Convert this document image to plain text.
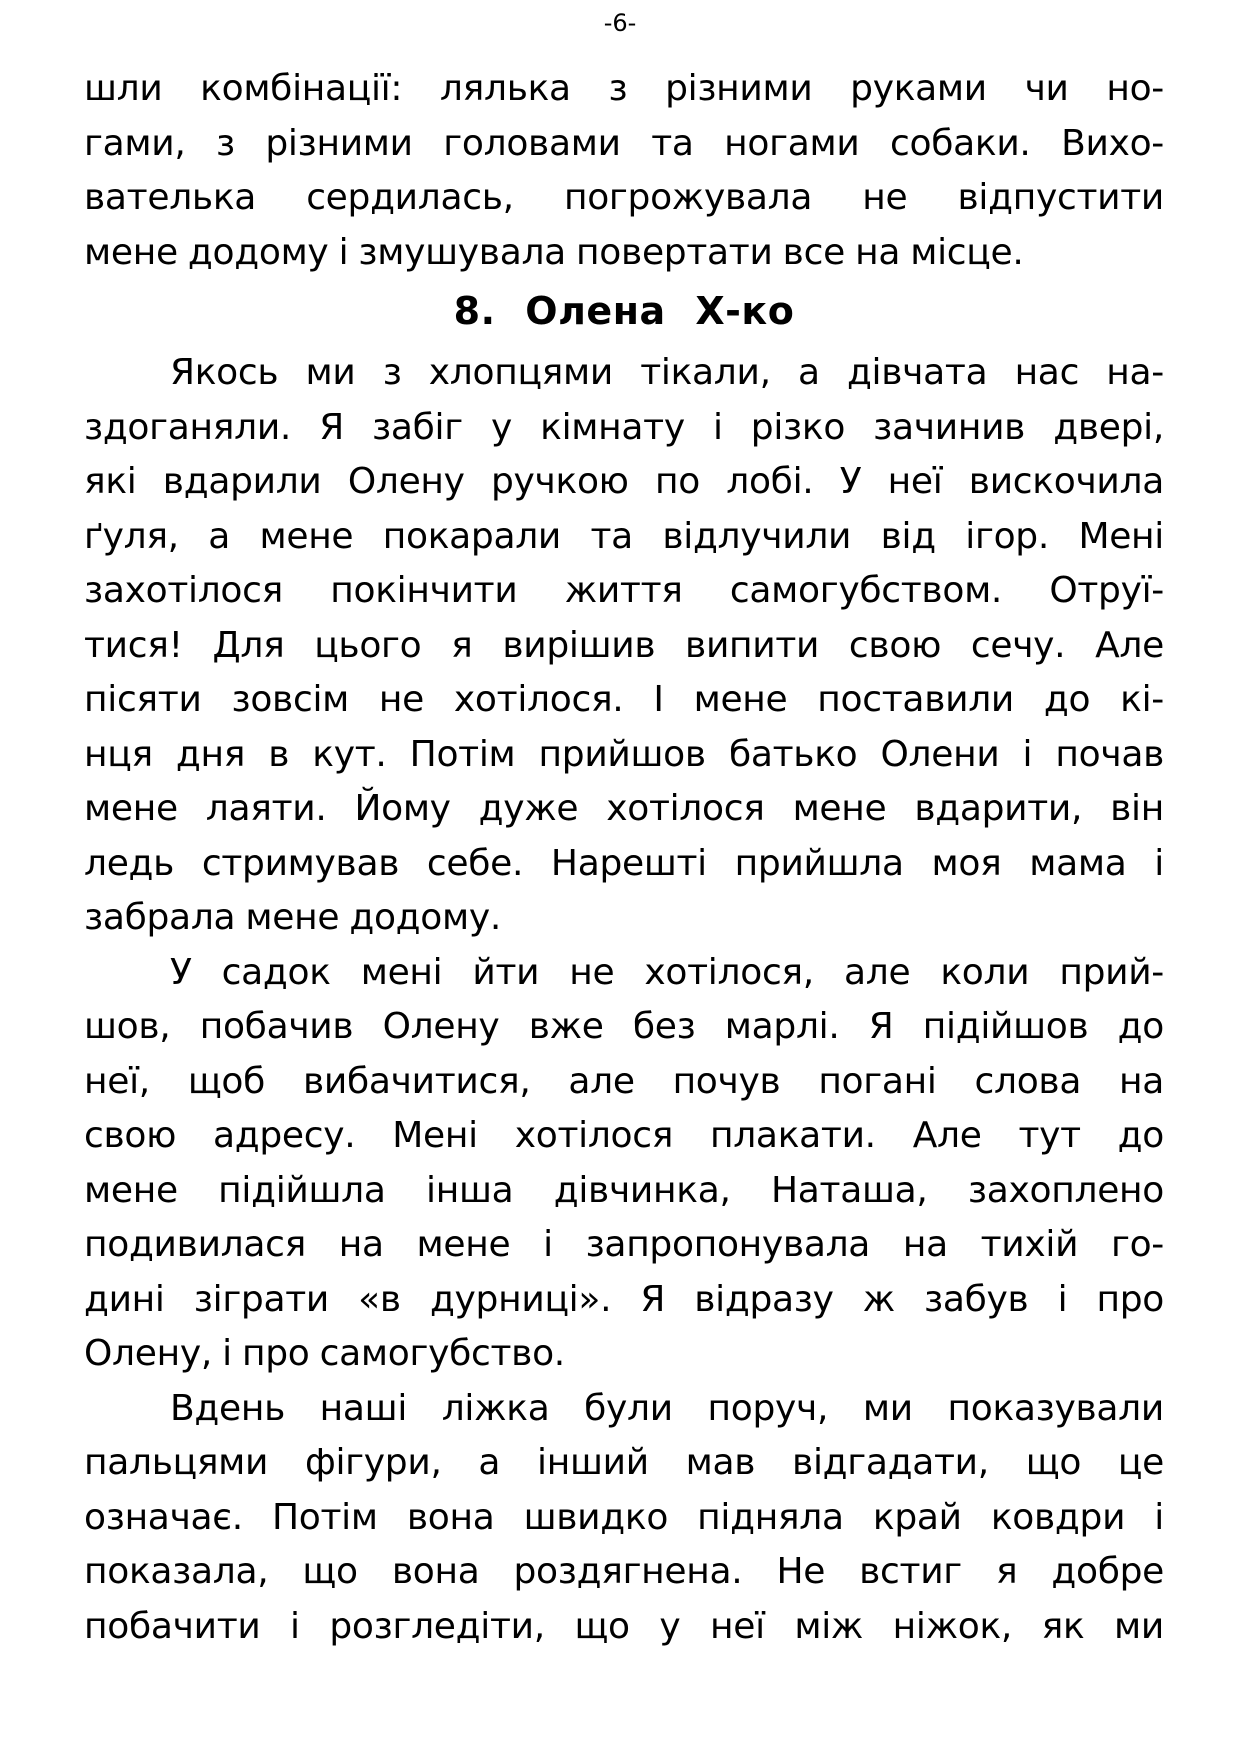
-6-
шли комбінації: лялька з різними руками чи но-
гами, з різними головами та ногами собаки. Вихо-
вателька сердилась, погрожувала не відпустити
мене додому і змушувала повертати все на місце.
8. Олена Х-ко
Якось ми з хлопцями тікали, а дівчата нас на-
здоганяли. Я забіг у кімнату і різко зачинив двері,
які вдарили Олену ручкою по лобі. У неї вискочила
ґуля, а мене покарали та відлучили від ігор. Мені
захотілося покінчити життя самогубством. Отруї-
тися! Для цього я вирішив випити свою сечу. Але
пісяти зовсім не хотілося. І мене поставили до кі-
нця дня в кут. Потім прийшов батько Олени і почав
мене лаяти. Йому дуже хотілося мене вдарити, він
ледь стримував себе. Нарешті прийшла моя мама і
забрала мене додому.
У садок мені йти не хотілося, але коли прий-
шов, побачив Олену вже без марлі. Я підійшов до
неї, щоб вибачитися, але почув погані слова на
свою адресу. Мені хотілося плакати. Але тут до
мене підійшла інша дівчинка, Наташа, захоплено
подивилася на мене і запропонувала на тихій го-
дині зіграти «в дурниці». Я відразу ж забув і про
Олену, і про самогубство.
Вдень наші ліжка були поруч, ми показували
пальцями фігури, а інший мав відгадати, що це
означає. Потім вона швидко підняла край ковдри і
показала, що вона роздягнена. Не встиг я добре
побачити і розгледіти, що у неї між ніжок, як ми
